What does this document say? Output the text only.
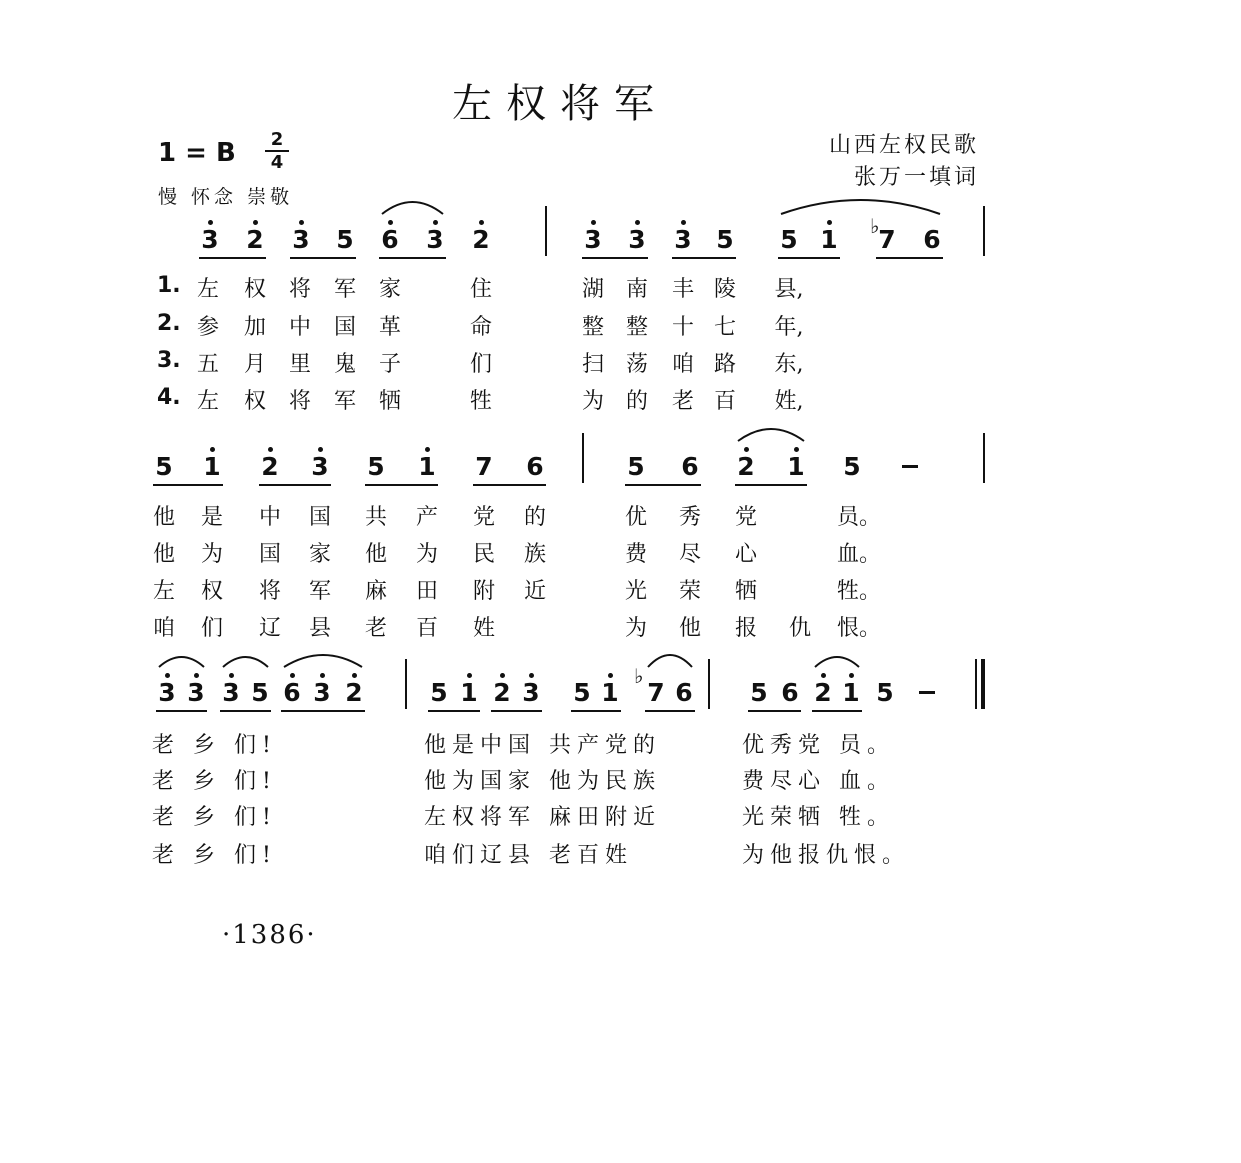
左权将军
1 = B	2
4
慢 怀念 崇敬
山西左权民歌
张万一填词
3 2 3 5 6 3 2	3 3 3 5 5 1 7 6
5 1 2 3 5 1 7 6	5 6 2 1 5
3 3 3 5 6 3 2	5 1 2 3 5 1 7 6 5 6 2 1 5
♭
♭
1.
2.
3.
4.
左 权 将 军 家	住	湖 南 丰 陵 县,
参 加 中 国 革	命	整 整 十 七 年,
五 月 里 鬼 子	们	扫 荡 咱 路 东,
左 权 将 军 牺	牲	为 的 老 百 姓,
他 是 中 国 共 产 党 的	优 秀 党	员。
他 为 国 家 他 为 民 族	费 尽 心	血。
左 权 将 军 麻 田 附 近	光 荣 牺	牲。
咱 们 辽 县 老 百 姓	为 他 报 仇 恨。
老 乡 们!	他是中国 共产党的	优秀党 员。
老 乡 们!	他为国家 他为民族	费尽心 血。
老 乡 们!	左权将军 麻田附近	光荣牺 牲。
老 乡 们!	咱们辽县 老百姓	为他报仇恨。
·1386·
